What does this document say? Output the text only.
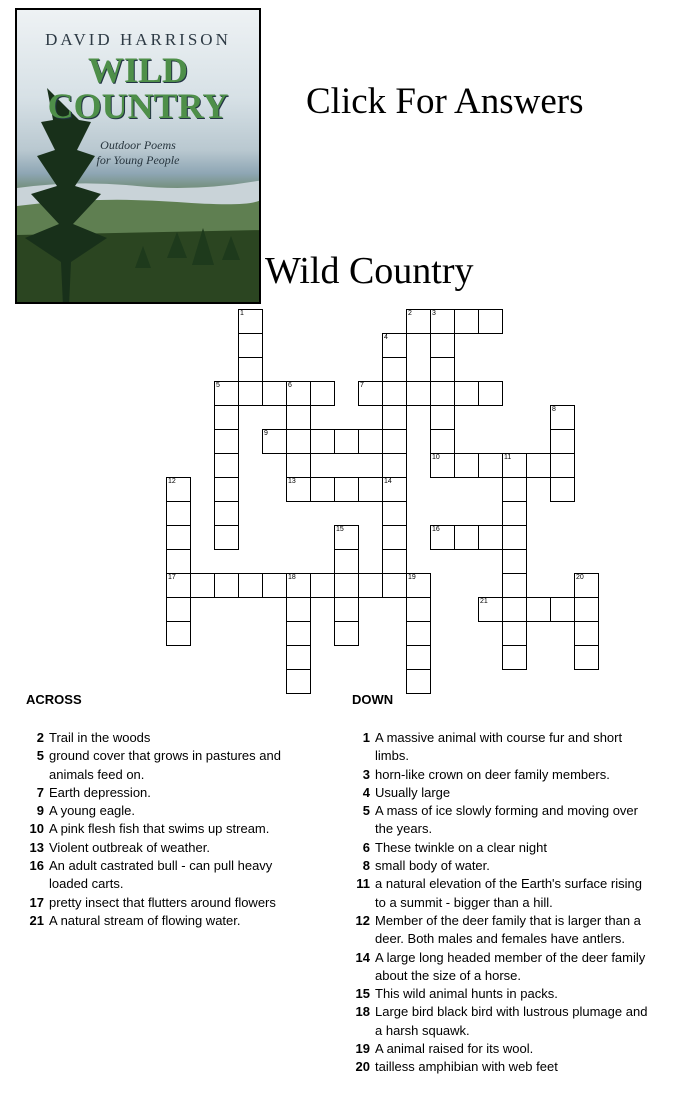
DAVID HARRISON
WILD
COUNTRY
Outdoor Poems
for Young People
Click For Answers
Wild Country
2	3
1
10
4
5	6
13
7
9
8
11
14
12
17
16
15
18	19
21
20
ACROSS	DOWN
2 Trail in the woods
5 ground cover that grows in pastures and animals feed on.
7 Earth depression.
9 A young eagle.
10 A pink flesh fish that swims up stream.
13 Violent outbreak of weather.
16 An adult castrated bull - can pull heavy loaded carts.
17 pretty insect that flutters around flowers
21 A natural stream of flowing water.
1 A massive animal with course fur and short limbs.
3 horn-like crown on deer family members.
4 Usually large
5 A mass of ice slowly forming and moving over the years.
6 These twinkle on a clear night
8 small body of water.
11 a natural elevation of the Earth's surface rising to a summit - bigger than a hill.
12 Member of the deer family that is larger than a deer. Both males and females have antlers.
14 A large long headed member of the deer family about the size of a horse.
15 This wild animal hunts in packs.
18 Large bird black bird with lustrous plumage and a harsh squawk.
19 A animal raised for its wool.
20 tailless amphibian with web feet
